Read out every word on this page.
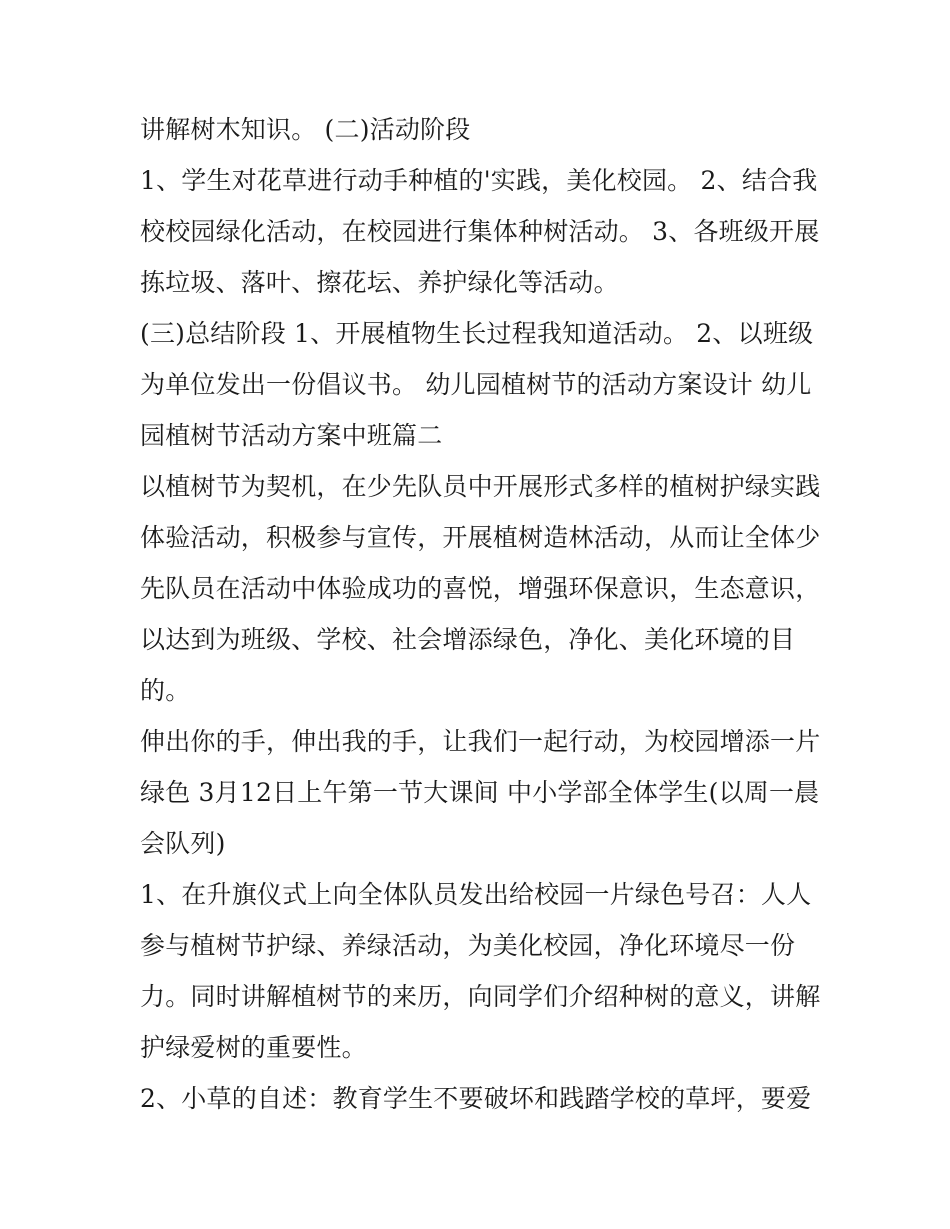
讲解树木知识。 (二)活动阶段
1、学生对花草进行动手种植的'实践，美化校园。 2、结合我
校校园绿化活动，在校园进行集体种树活动。 3、各班级开展
拣垃圾、落叶、擦花坛、养护绿化等活动。
(三)总结阶段 1、开展植物生长过程我知道活动。 2、以班级
为单位发出一份倡议书。 幼儿园植树节的活动方案设计 幼儿
园植树节活动方案中班篇二
以植树节为契机，在少先队员中开展形式多样的植树护绿实践
体验活动，积极参与宣传，开展植树造林活动，从而让全体少
先队员在活动中体验成功的喜悦，增强环保意识，生态意识，
以达到为班级、学校、社会增添绿色，净化、美化环境的目
的。
伸出你的手，伸出我的手，让我们一起行动，为校园增添一片
绿色 3月12日上午第一节大课间 中小学部全体学生(以周一晨
会队列)
1、在升旗仪式上向全体队员发出给校园一片绿色号召：人人
参与植树节护绿、养绿活动，为美化校园，净化环境尽一份
力。同时讲解植树节的来历，向同学们介绍种树的意义，讲解
护绿爱树的重要性。
2、小草的自述：教育学生不要破坏和践踏学校的草坪，要爱
